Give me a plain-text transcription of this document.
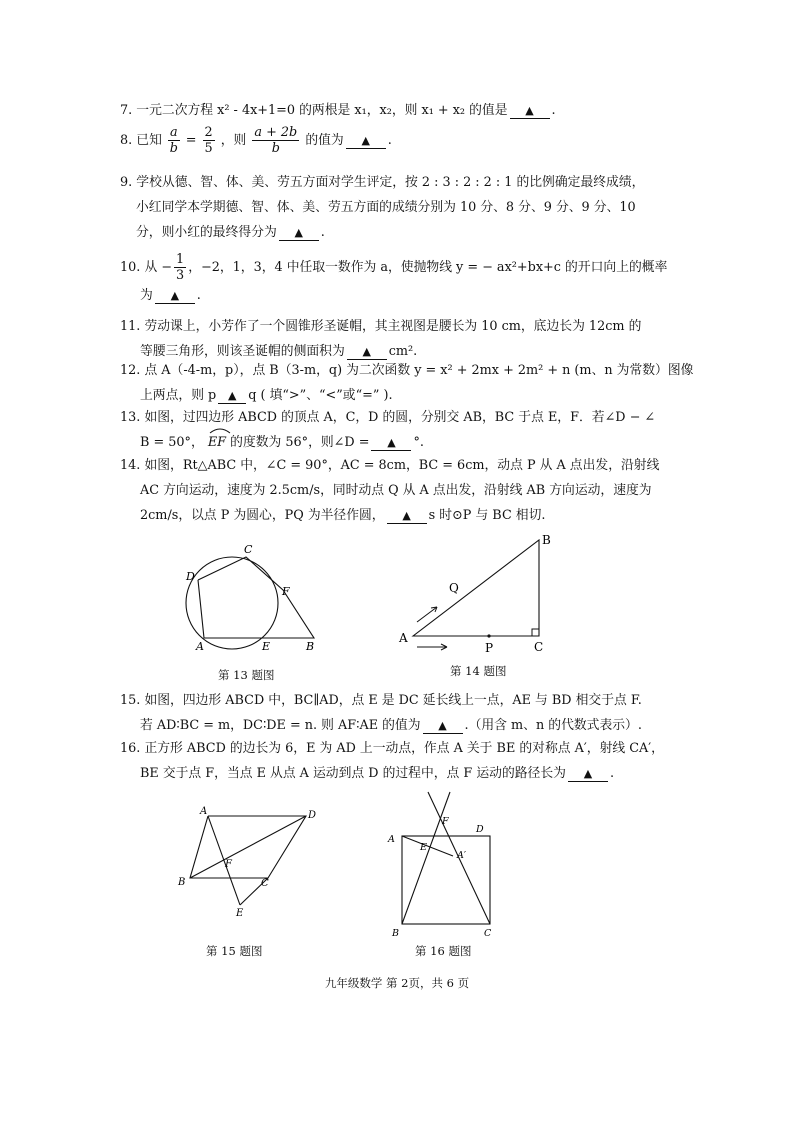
7. 一元二次方程 x² - 4x+1=0 的两根是 x₁，x₂，则 x₁ + x₂ 的值是 ▲ .
8. 已知 $\frac{a}{b} = \frac{2}{5}$ ，则 $\frac{a + 2b}{b}$ 的值为 ▲ .
9. 学校从德、智、体、美、劳五方面对学生评定，按 2 : 3 : 2 : 2 : 1 的比例确定最终成绩，
小红同学本学期德、智、体、美、劳五方面的成绩分别为 10 分、8 分、9 分、9 分、10
分，则小红的最终得分为 ▲ .
10. 从 − $\frac{1}{3}$ ，−2，1，3，4 中任取一数作为 a，使抛物线 y = − ax²+bx+c 的开口向上的概率
为 ▲ .
11. 劳动课上，小芳作了一个圆锥形圣诞帽，其主视图是腰长为 10 cm，底边长为 12cm 的
等腰三角形，则该圣诞帽的侧面积为 ▲ cm².
12. 点 A（-4-m，p），点 B（3-m，q) 为二次函数 y = x² + 2mx + 2m² + n (m、n 为常数）图像
上两点，则 p ▲ q ( 填“>”、“<”或“=” ).
13. 如图，过四边形 ABCD 的顶点 A，C，D 的圆，分别交 AB，BC 于点 E，F．若∠D − ∠
B = 50°， EF 的度数为 56°，则∠D = ▲ °.
14. 如图，Rt△ABC 中，∠C = 90°，AC = 8cm，BC = 6cm，动点 P 从 A 点出发，沿射线
AC 方向运动，速度为 2.5cm/s，同时动点 Q 从 A 点出发，沿射线 AB 方向运动，速度为
2cm/s，以点 P 为圆心，PQ 为半径作圆， ▲ s 时⊙P 与 BC 相切.
D
C
F
A	E	B
第 13 题图
A
B
C
P
Q
第 14 题图
15. 如图，四边形 ABCD 中，BC∥AD，点 E 是 DC 延长线上一点，AE 与 BD 相交于点 F.
若 AD∶BC = m，DC∶DE = n. 则 AF∶AE 的值为 ▲ .（用含 m、n 的代数式表示）.
16. 正方形 ABCD 的边长为 6，E 为 AD 上一动点，作点 A 关于 BE 的对称点 A′，射线 CA′，
BE 交于点 F，当点 E 从点 A 运动到点 D 的过程中，点 F 运动的路径长为 ▲ .
A	D
B	C
F
E
第 15 题图
A
D
B	C
E
F
A′
第 16 题图
九年级数学 第 2页，共 6 页
